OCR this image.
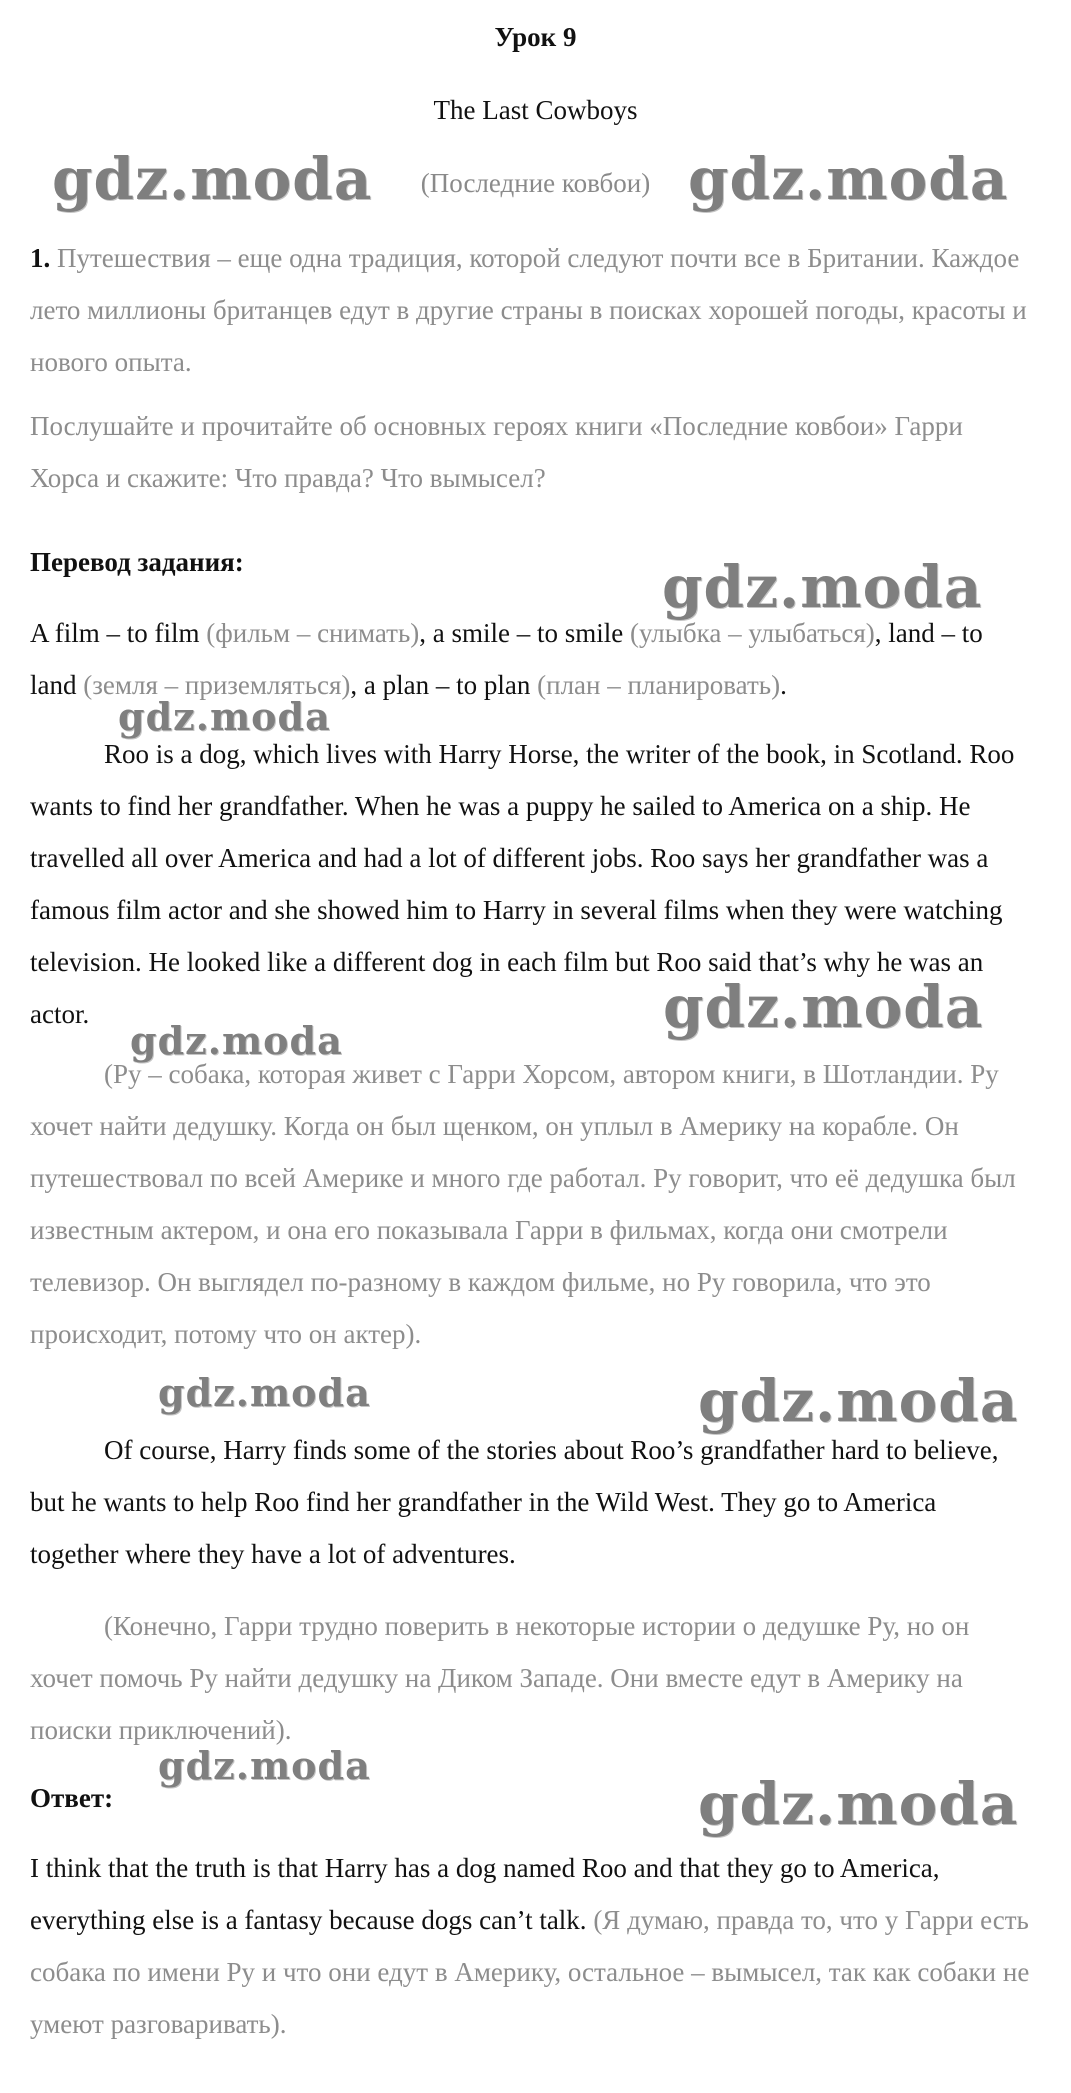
Урок 9
The Last Cowboys
(Последние ковбои)
1. Путешествия – еще одна традиция, которой следуют почти все в Британии. Каждое лето миллионы британцев едут в другие страны в поисках хорошей погоды, красоты и нового опыта.
Послушайте и прочитайте об основных героях книги «Последние ковбои» Гарри Хорса и скажите: Что правда? Что вымысел?
Перевод задания:
A film – to film (фильм – снимать), a smile – to smile (улыбка – улыбаться), land – to land (земля – приземляться), a plan – to plan (план – планировать).
Roo is a dog, which lives with Harry Horse, the writer of the book, in Scotland. Roo wants to find her grandfather. When he was a puppy he sailed to America on a ship. He travelled all over America and had a lot of different jobs. Roo says her grandfather was a famous film actor and she showed him to Harry in several films when they were watching television. He looked like a different dog in each film but Roo said that’s why he was an actor.
(Ру – собака, которая живет с Гарри Хорсом, автором книги, в Шотландии. Ру хочет найти дедушку. Когда он был щенком, он уплыл в Америку на корабле. Он путешествовал по всей Америке и много где работал. Ру говорит, что её дедушка был известным актером, и она его показывала Гарри в фильмах, когда они смотрели телевизор. Он выглядел по-разному в каждом фильме, но Ру говорила, что это происходит, потому что он актер).
Of course, Harry finds some of the stories about Roo’s grandfather hard to believe, but he wants to help Roo find her grandfather in the Wild West. They go to America together where they have a lot of adventures.
(Конечно, Гарри трудно поверить в некоторые истории о дедушке Ру, но он хочет помочь Ру найти дедушку на Диком Западе. Они вместе едут в Америку на поиски приключений).
Ответ:
I think that the truth is that Harry has a dog named Roo and that they go to America, everything else is a fantasy because dogs can’t talk. (Я думаю, правда то, что у Гарри есть собака по имени Ру и что они едут в Америку, остальное – вымысел, так как собаки не умеют разговаривать).
gdz.moda	gdz.moda
gdz.moda
gdz.moda
gdz.moda
gdz.moda
gdz.moda	gdz.moda
gdz.moda
gdz.moda
